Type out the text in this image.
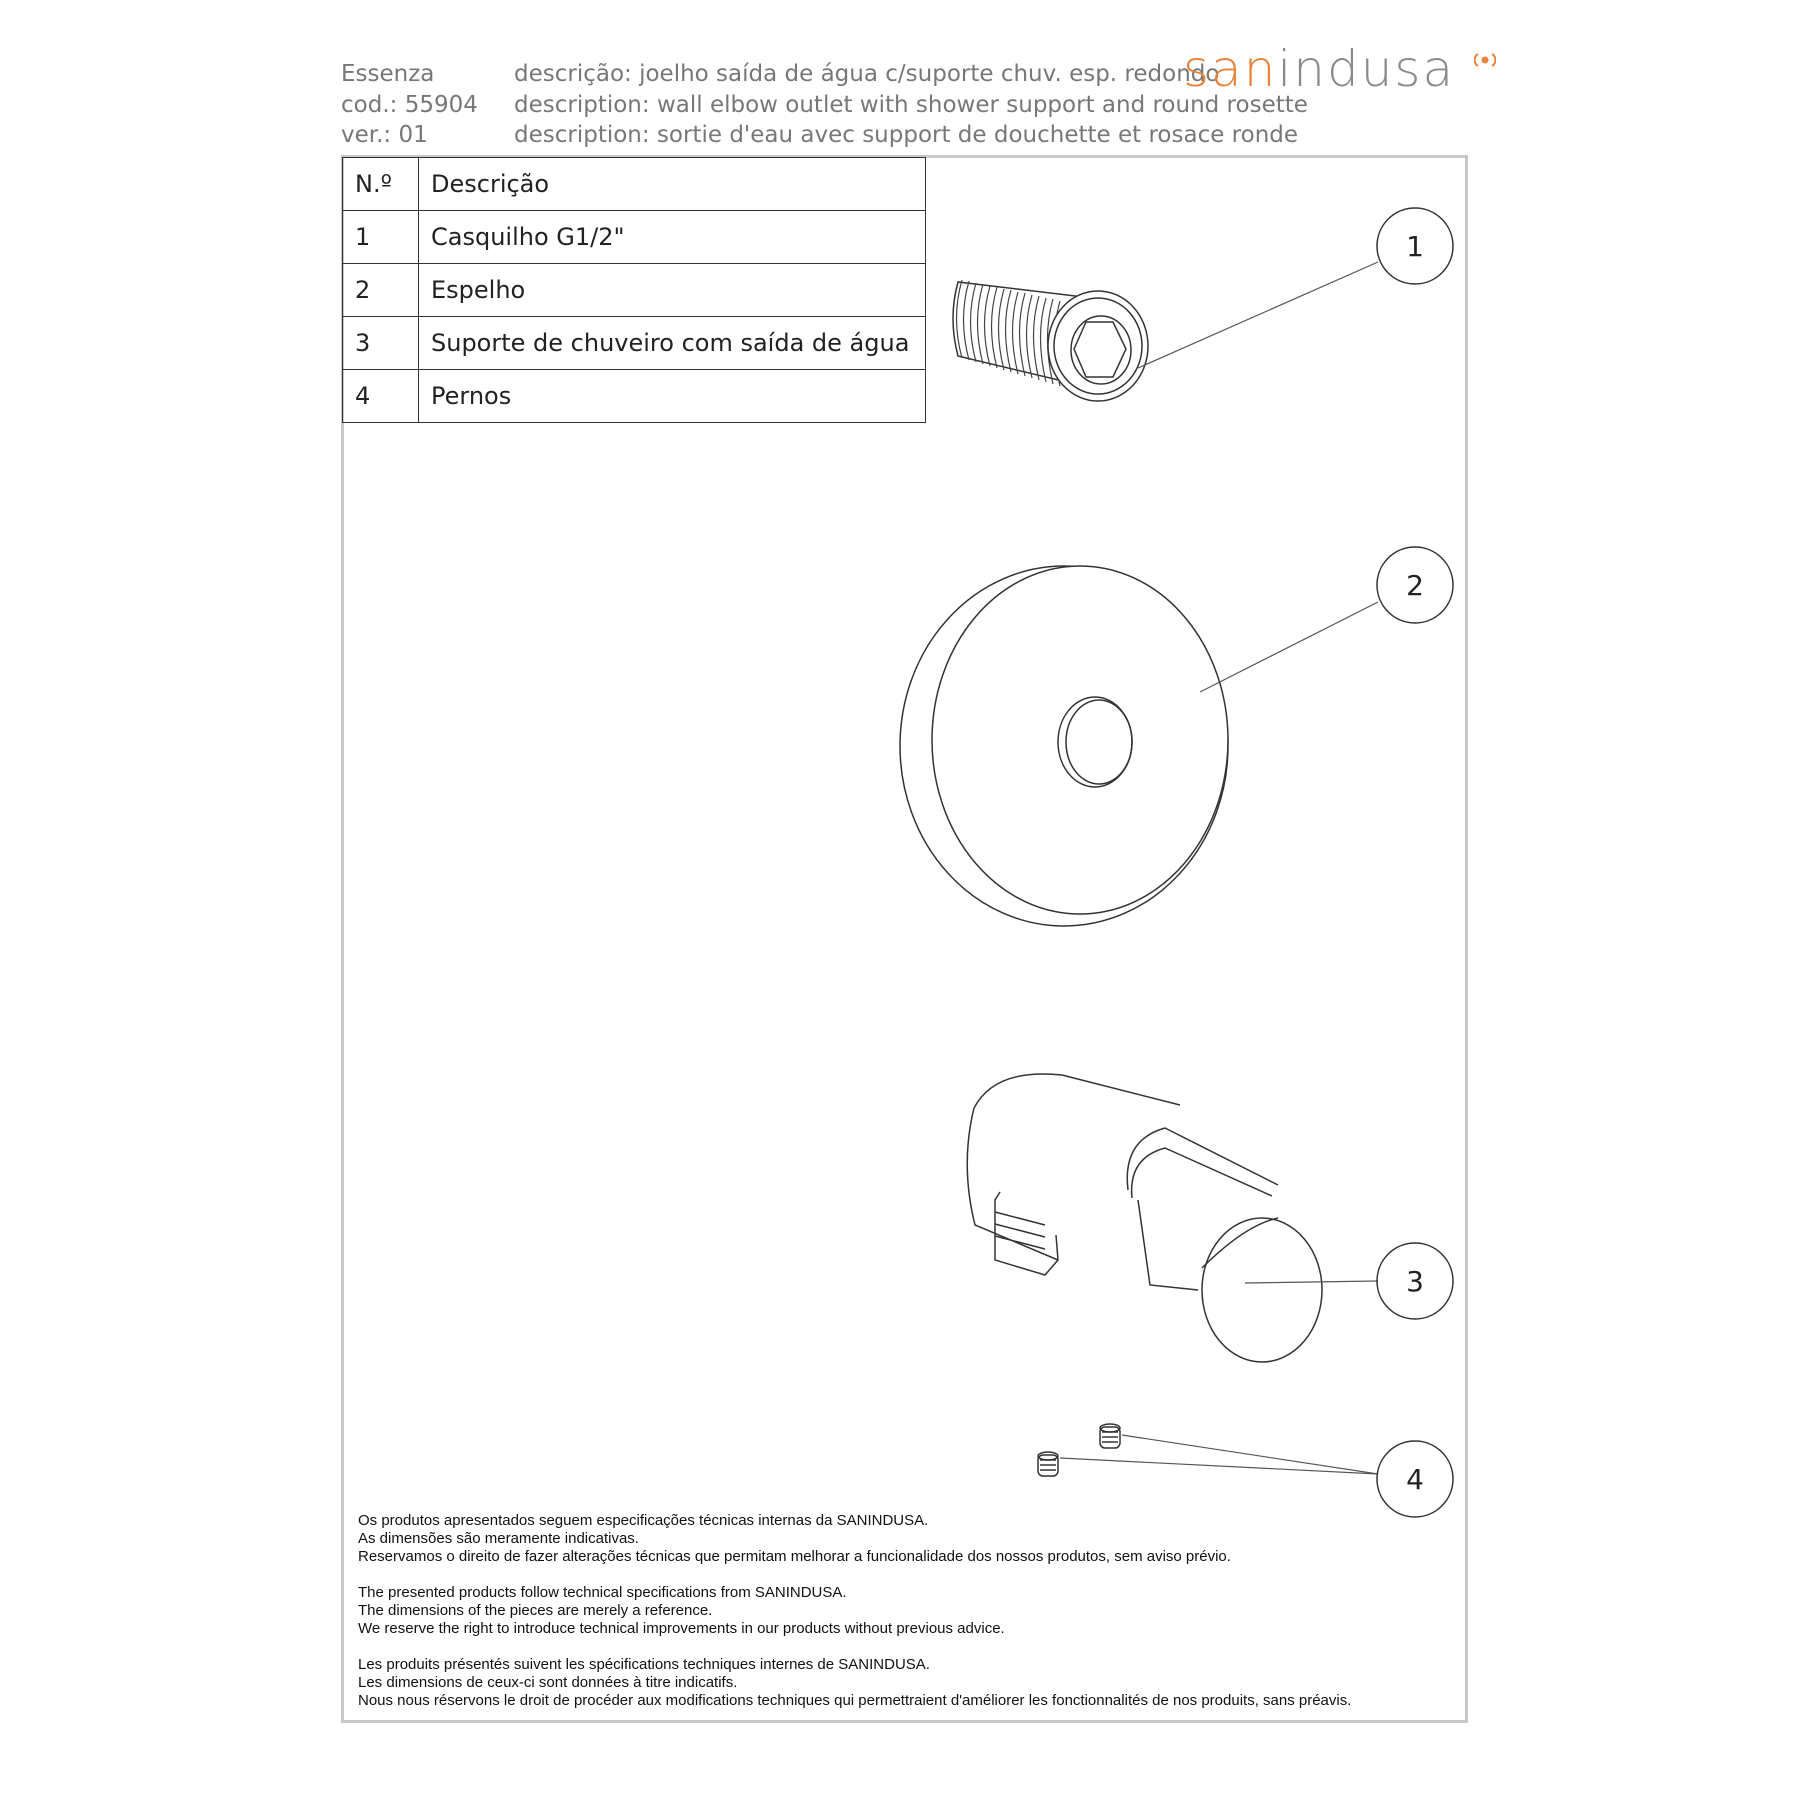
Essenza
cod.: 55904
ver.: 01
descrição: joelho saída de água c/suporte chuv. esp. redondo
description: wall elbow outlet with shower support and round rosette
description: sortie d'eau avec support de douchette et rosace ronde
sanindusa
N.º	Descrição
1	Casquilho G1/2"
2	Espelho
3	Suporte de chuveiro com saída de água
4	Pernos
1
2
3
4

Os produtos apresentados seguem especificações técnicas internas da SANINDUSA.
As dimensões são meramente indicativas.
Reservamos o direito de fazer alterações técnicas que permitam melhorar a funcionalidade dos nossos produtos, sem aviso prévio.

The presented products follow technical specifications from SANINDUSA.
The dimensions of the pieces are merely a reference.
We reserve the right to introduce technical improvements in our products without previous advice.

Les produits présentés suivent les spécifications techniques internes de SANINDUSA.
Les dimensions de ceux-ci sont données à titre indicatifs.
Nous nous réservons le droit de procéder aux modifications techniques qui permettraient d'améliorer les fonctionnalités de nos produits, sans préavis.
